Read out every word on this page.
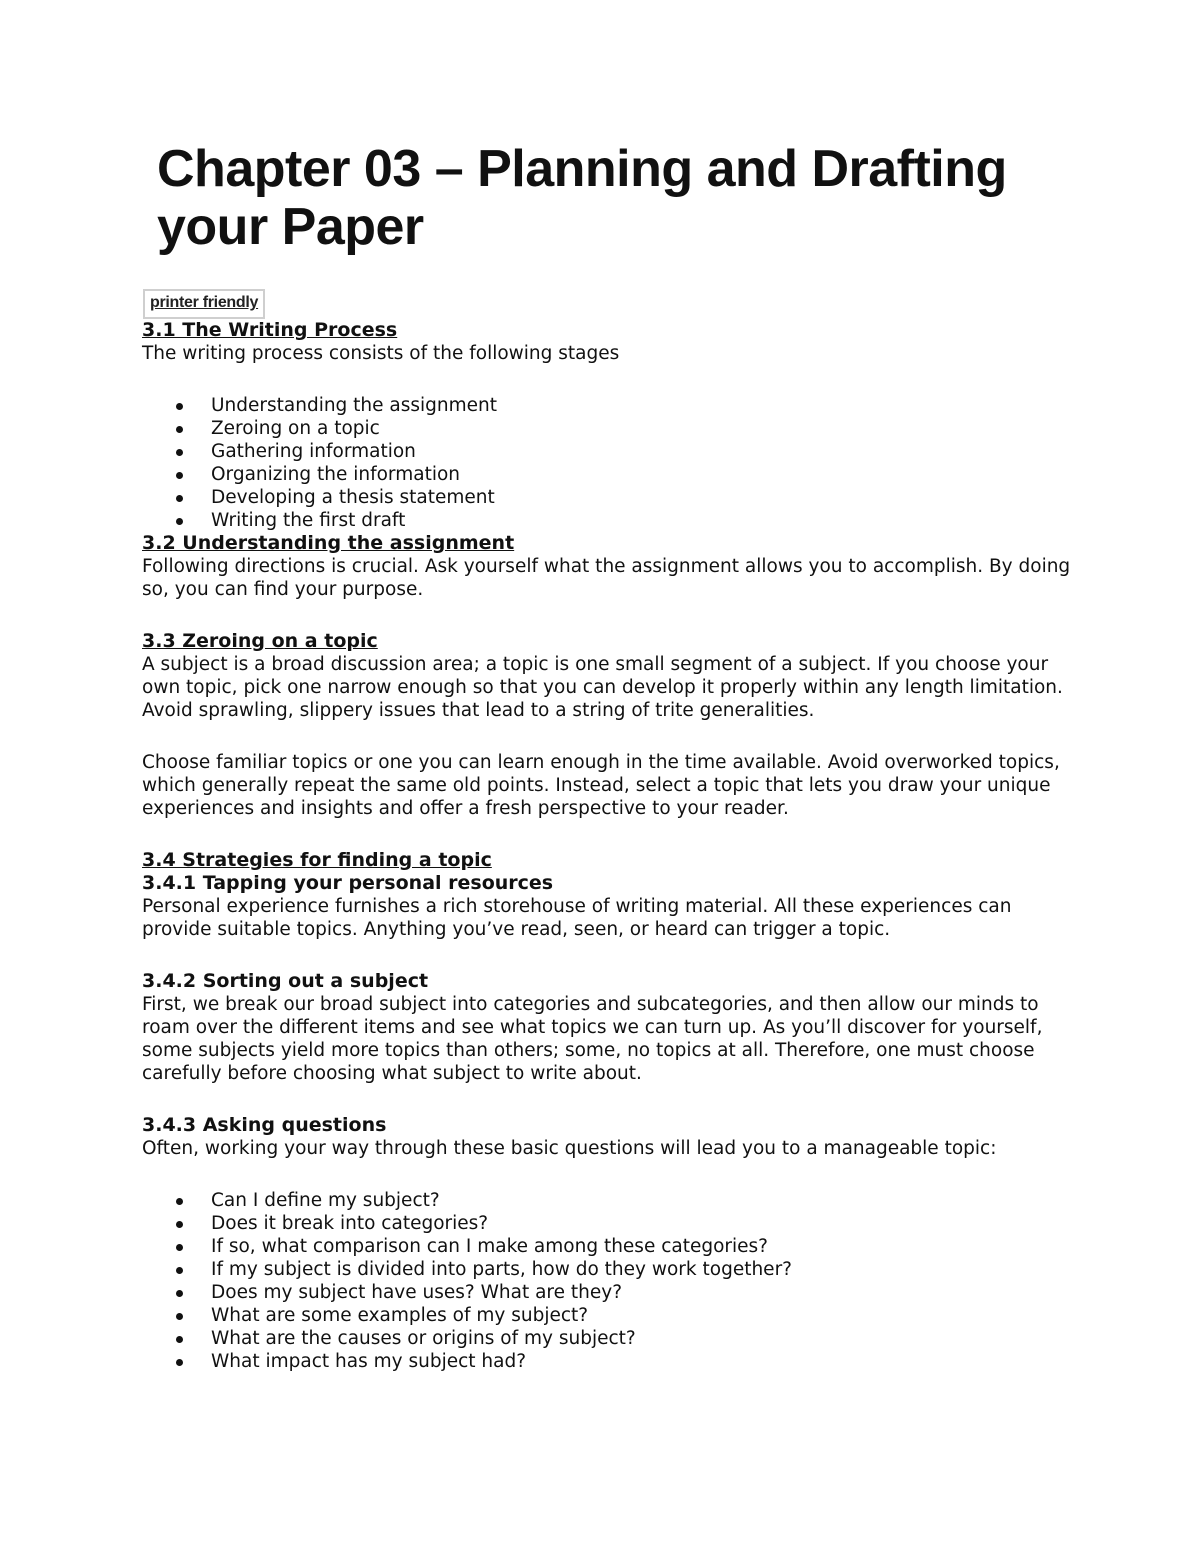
Chapter 03 – Planning and Drafting your Paper
printer friendly
3.1 The Writing Process

The writing process consists of the following stages

Understanding the assignment
Zeroing on a topic
Gathering information
Organizing the information
Developing a thesis statement
Writing the first draft
3.2 Understanding the assignment

Following directions is crucial. Ask yourself what the assignment allows you to accomplish. By doing so, you can find your purpose.

3.3 Zeroing on a topic

A subject is a broad discussion area; a topic is one small segment of a subject. If you choose your own topic, pick one narrow enough so that you can develop it properly within any length limitation. Avoid sprawling, slippery issues that lead to a string of trite generalities.

Choose familiar topics or one you can learn enough in the time available. Avoid overworked topics, which generally repeat the same old points. Instead, select a topic that lets you draw your unique experiences and insights and offer a fresh perspective to your reader.

3.4 Strategies for finding a topic
3.4.1 Tapping your personal resources

Personal experience furnishes a rich storehouse of writing material. All these experiences can provide suitable topics. Anything you’ve read, seen, or heard can trigger a topic.

3.4.2 Sorting out a subject

First, we break our broad subject into categories and subcategories, and then allow our minds to roam over the different items and see what topics we can turn up. As you’ll discover for yourself, some subjects yield more topics than others; some, no topics at all. Therefore, one must choose carefully before choosing what subject to write about.

3.4.3 Asking questions

Often, working your way through these basic questions will lead you to a manageable topic:

Can I define my subject?
Does it break into categories?
If so, what comparison can I make among these categories?
If my subject is divided into parts, how do they work together?
Does my subject have uses? What are they?
What are some examples of my subject?
What are the causes or origins of my subject?
What impact has my subject had?
